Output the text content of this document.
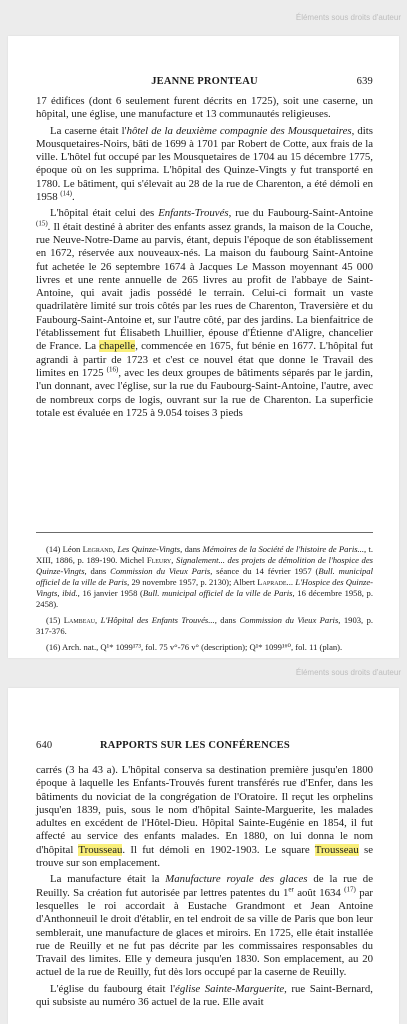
Éléments sous droits d'auteur
JEANNE PRONTEAU	639

17 édifices (dont 6 seulement furent décrits en 1725), soit une caserne, un hôpital, une église, une manufacture et 13 communautés religieuses.

La caserne était l'hôtel de la deuxième compagnie des Mousquetaires, dits Mousquetaires-Noirs, bâti de 1699 à 1701 par Robert de Cotte, aux frais de la ville. L'hôtel fut occupé par les Mousquetaires de 1704 au 15 décembre 1775, époque où on les supprima. L'hôpital des Quinze-Vingts y fut transporté en 1780. Le bâtiment, qui s'élevait au 28 de la rue de Charenton, a été démoli en 1958 $^{(14)}$.

L'hôpital était celui des Enfants-Trouvés, rue du Faubourg-Saint-Antoine $^{(15)}$. Il était destiné à abriter des enfants assez grands, la maison de la Couche, rue Neuve-Notre-Dame au parvis, étant, depuis l'époque de son établissement en 1672, réservée aux nouveaux-nés. La maison du faubourg Saint-Antoine fut achetée le 26 septembre 1674 à Jacques Le Masson moyennant 45 000 livres et une rente annuelle de 265 livres au profit de l'abbaye de Saint-Antoine, qui avait jadis possédé le terrain. Celui-ci formait un vaste quadrilatère limité sur trois côtés par les rues de Charenton, Traversière et du Faubourg-Saint-Antoine et, sur l'autre côté, par des jardins. La bienfaitrice de l'établissement fut Élisabeth Lhuillier, épouse d'Étienne d'Aligre, chancelier de France. La chapelle, commencée en 1675, fut bénie en 1677. L'hôpital fut agrandi à partir de 1723 et c'est ce nouvel état que donne le Travail des limites en 1725 $^{(16)}$, avec les deux groupes de bâtiments séparés par le jardin, l'un donnant, avec l'église, sur la rue du Faubourg-Saint-Antoine, l'autre, avec de nombreux corps de logis, ouvrant sur la rue de Charenton. La superficie totale est évaluée en 1725 à 9.054 toises 3 pieds

(14) Léon Legrand, Les Quinze-Vingts, dans Mémoires de la Société de l'histoire de Paris..., t. XIII, 1886, p. 189-190. Michel Fleury, Signalement... des projets de démolition de l'hospice des Quinze-Vingts, dans Commission du Vieux Paris, séance du 14 février 1957 (Bull. municipal officiel de la ville de Paris, 29 novembre 1957, p. 2130); Albert Laprade... L'Hospice des Quinze-Vingts, ibid., 16 janvier 1958 (Bull. municipal officiel de la ville de Paris, 16 décembre 1958, p. 2458).

(15) Lambeau, L'Hôpital des Enfants Trouvés..., dans Commission du Vieux Paris, 1903, p. 317-376.

(16) Arch. nat., Q¹* 1099¹⁷³, fol. 75 v°-76 v° (description); Q¹* 1099¹⁶⁰, fol. 11 (plan).

Éléments sous droits d'auteur
640	RAPPORTS SUR LES CONFÉRENCES

carrés (3 ha 43 a). L'hôpital conserva sa destination première jusqu'en 1800 époque à laquelle les Enfants-Trouvés furent transférés rue d'Enfer, dans les bâtiments du noviciat de la congrégation de l'Oratoire. Il reçut les orphelins jusqu'en 1839, puis, sous le nom d'hôpital Sainte-Marguerite, les malades adultes en excédent de l'Hôtel-Dieu. Hôpital Sainte-Eugénie en 1854, il fut affecté au service des enfants malades. En 1880, on lui donna le nom d'hôpital Trousseau. Il fut démoli en 1902-1903. Le square Trousseau se trouve sur son emplacement.

La manufacture était la Manufacture royale des glaces de la rue de Reuilly. Sa création fut autorisée par lettres patentes du 1er août 1634 $^{(17)}$ par lesquelles le roi accordait à Eustache Grandmont et Jean Antoine d'Anthonneuil le droit d'établir, en tel endroit de sa ville de Paris que bon leur semblerait, une manufacture de glaces et miroirs. En 1725, elle était installée rue de Reuilly et ne fut pas décrite par les commissaires responsables du Travail des limites. Elle y demeura jusqu'en 1830. Son emplacement, au 20 actuel de la rue de Reuilly, fut dès lors occupé par la caserne de Reuilly.

L'église du faubourg était l'église Sainte-Marguerite, rue Saint-Bernard, qui subsiste au numéro 36 actuel de la rue. Elle avait
